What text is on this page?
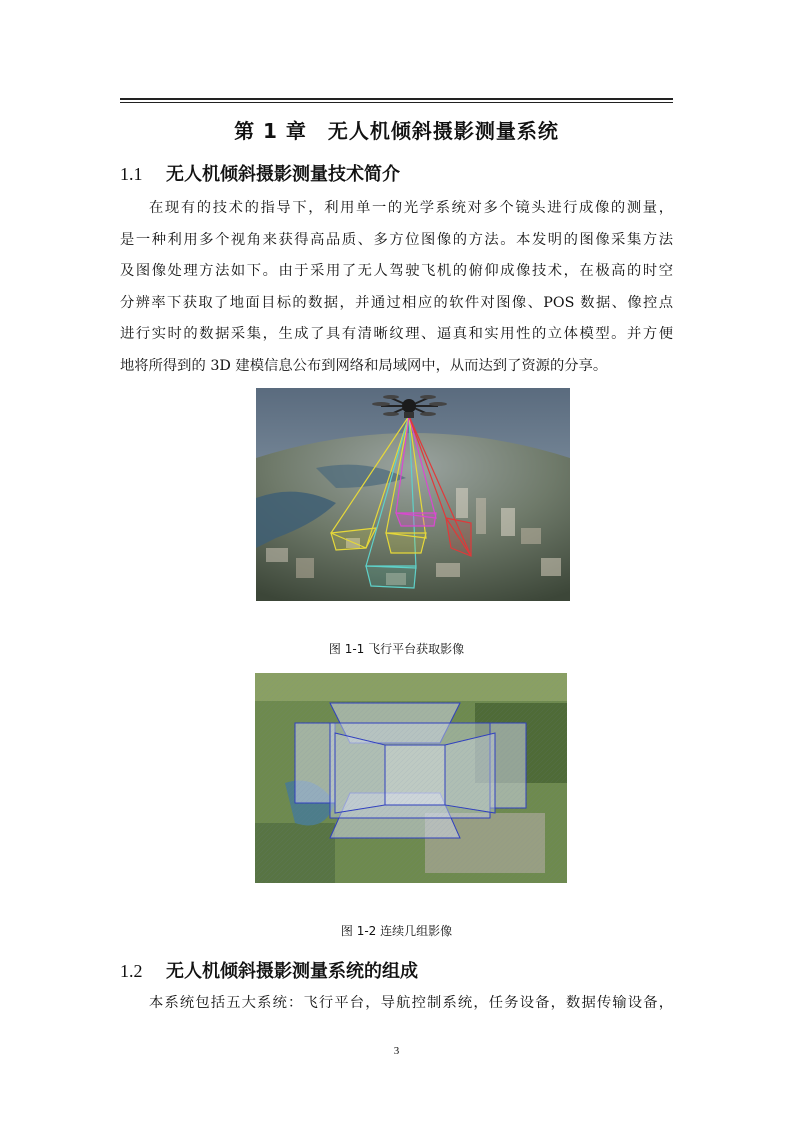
第 1 章　无人机倾斜摄影测量系统
1.1 无人机倾斜摄影测量技术简介
在现有的技术的指导下，利用单一的光学系统对多个镜头进行成像的测量，
是一种利用多个视角来获得高品质、多方位图像的方法。本发明的图像采集方法
及图像处理方法如下。由于采用了无人驾驶飞机的俯仰成像技术，在极高的时空
分辨率下获取了地面目标的数据，并通过相应的软件对图像、POS 数据、像控点
进行实时的数据采集，生成了具有清晰纹理、逼真和实用性的立体模型。并方便
地将所得到的 3D 建模信息公布到网络和局域网中，从而达到了资源的分享。
图 1-1 飞行平台获取影像
图 1-2 连续几组影像
1.2 无人机倾斜摄影测量系统的组成
本系统包括五大系统：飞行平台，导航控制系统，任务设备，数据传输设备，
3
